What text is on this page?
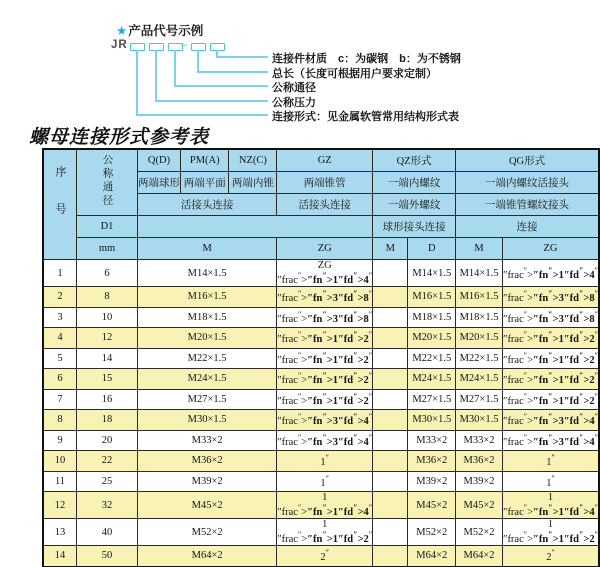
★产品代号示例
JR	–
连接件材质　c：为碳钢　b：为不锈钢
总长（长度可根据用户要求定制）
公称通径
公称压力
连接形式：见金属软管常用结构形式表
螺母连接形式参考表
序号	公称通径	Q(D)	PM(A)	NZ(C)	GZ	QZ形式		QG形式	
		两端球形	两端平面	两端内锥	两端锥管	一端内螺纹		一端内螺纹活接头	
		活接头连接			活接头连接	一端外螺纹		一端锥管螺纹接头	
	D1					球形接头连接		连接	
	mm	M			ZG	M	D	M	ZG
1	6	M14×1.5			ZG ″frac″>″fn″>1″fd″>4″		M14×1.5	M14×1.5	″frac″>″fn″>1″fd″>4″
2	8	M16×1.5			″frac″>″fn″>3″fd″>8″		M16×1.5	M16×1.5	″frac″>″fn″>3″fd″>8″
3	10	M18×1.5			″frac″>″fn″>3″fd″>8″		M18×1.5	M18×1.5	″frac″>″fn″>3″fd″>8″
4	12	M20×1.5			″frac″>″fn″>1″fd″>2″		M20×1.5	M20×1.5	″frac″>″fn″>1″fd″>2″
5	14	M22×1.5			″frac″>″fn″>1″fd″>2″		M22×1.5	M22×1.5	″frac″>″fn″>1″fd″>2″
6	15	M24×1.5			″frac″>″fn″>1″fd″>2″		M24×1.5	M24×1.5	″frac″>″fn″>1″fd″>2″
7	16	M27×1.5			″frac″>″fn″>1″fd″>2″		M27×1.5	M27×1.5	″frac″>″fn″>1″fd″>2″
8	18	M30×1.5			″frac″>″fn″>3″fd″>4″		M30×1.5	M30×1.5	″frac″>″fn″>3″fd″>4″
9	20	M33×2			″frac″>″fn″>3″fd″>4″		M33×2	M33×2	″frac″>″fn″>3″fd″>4″
10	22	M36×2			1″		M36×2	M36×2	1″
11	25	M39×2			1″		M39×2	M39×2	1″
12	32	M45×2			1 ″frac″>″fn″>1″fd″>4″		M45×2	M45×2	1 ″frac″>″fn″>1″fd″>4″
13	40	M52×2			1 ″frac″>″fn″>1″fd″>2″		M52×2	M52×2	1 ″frac″>″fn″>1″fd″>2″
14	50	M64×2			2″		M64×2	M64×2	2″
